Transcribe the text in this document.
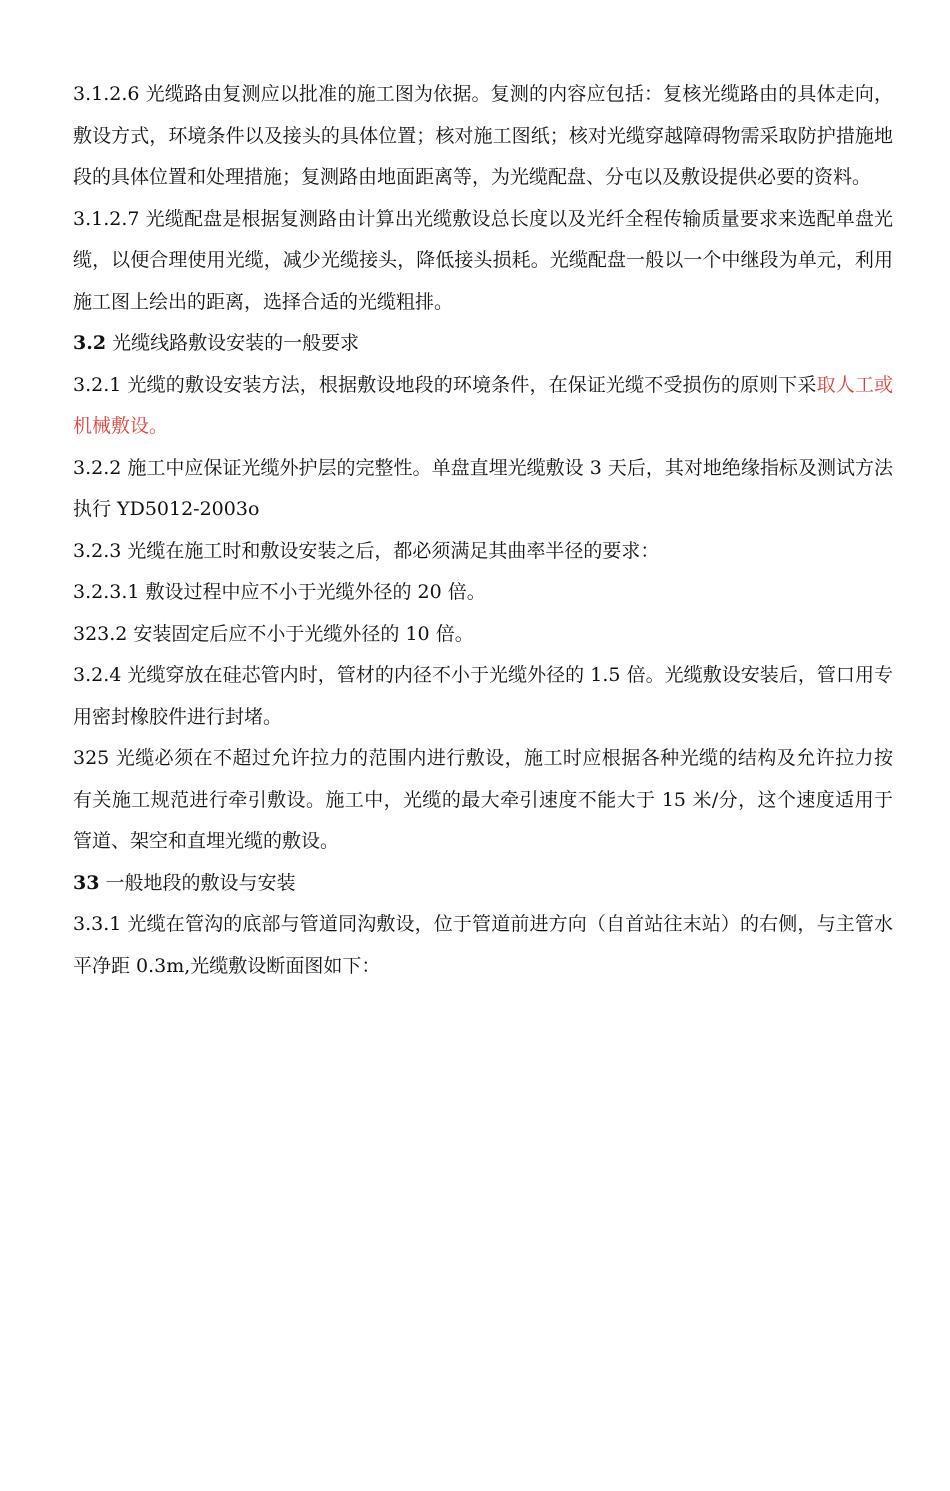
3.1.2.6 光缆路由复测应以批准的施工图为依据。复测的内容应包括：复核光缆路由的具体走向，敷设方式，环境条件以及接头的具体位置；核对施工图纸；核对光缆穿越障碍物需采取防护措施地段的具体位置和处理措施；复测路由地面距离等，为光缆配盘、分屯以及敷设提供必要的资料。

3.1.2.7 光缆配盘是根据复测路由计算出光缆敷设总长度以及光纤全程传输质量要求来选配单盘光缆，以便合理使用光缆，减少光缆接头，降低接头损耗。光缆配盘一般以一个中继段为单元，利用施工图上绘出的距离，选择合适的光缆粗排。

3.2 光缆线路敷设安装的一般要求

3.2.1 光缆的敷设安装方法，根据敷设地段的环境条件，在保证光缆不受损伤的原则下采取人工或机械敷设。

3.2.2 施工中应保证光缆外护层的完整性。单盘直埋光缆敷设 3 天后，其对地绝缘指标及测试方法执行 YD5012-2003o

3.2.3 光缆在施工时和敷设安装之后，都必须满足其曲率半径的要求：

3.2.3.1 敷设过程中应不小于光缆外径的 20 倍。

323.2 安装固定后应不小于光缆外径的 10 倍。

3.2.4 光缆穿放在硅芯管内时，管材的内径不小于光缆外径的 1.5 倍。光缆敷设安装后，管口用专用密封橡胶件进行封堵。

325 光缆必须在不超过允许拉力的范围内进行敷设，施工时应根据各种光缆的结构及允许拉力按有关施工规范进行牵引敷设。施工中，光缆的最大牵引速度不能大于 15 米/分，这个速度适用于管道、架空和直埋光缆的敷设。

33 一般地段的敷设与安装

3.3.1 光缆在管沟的底部与管道同沟敷设，位于管道前进方向（自首站往末站）的右侧，与主管水平净距 0.3m,光缆敷设断面图如下：
